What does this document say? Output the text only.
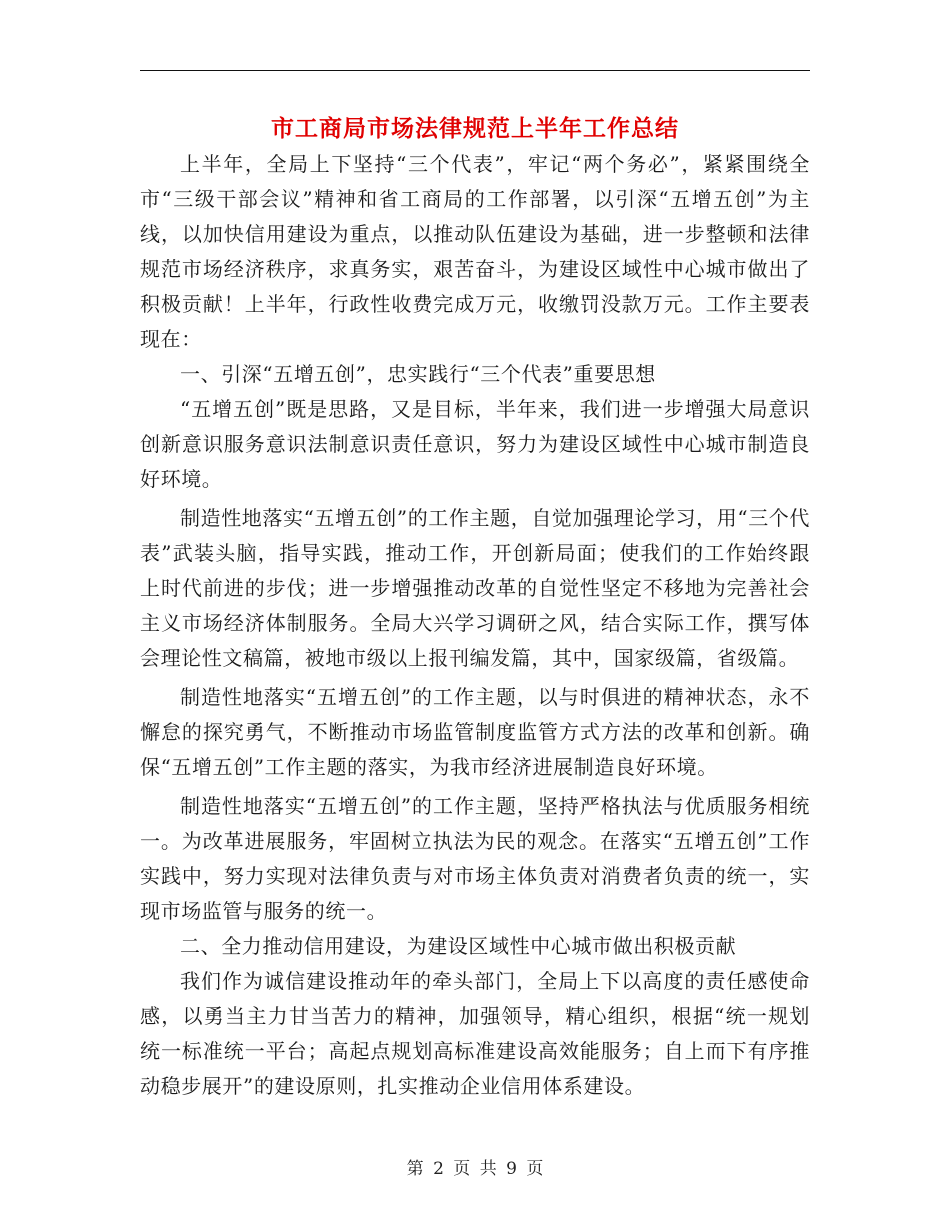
市工商局市场法律规范上半年工作总结

上半年，全局上下坚持“三个代表”，牢记“两个务必”，紧紧围绕全市“三级干部会议”精神和省工商局的工作部署，以引深“五增五创”为主线，以加快信用建设为重点，以推动队伍建设为基础，进一步整顿和法律规范市场经济秩序，求真务实，艰苦奋斗，为建设区域性中心城市做出了积极贡献！上半年，行政性收费完成万元，收缴罚没款万元。工作主要表现在：

一、引深“五增五创”，忠实践行“三个代表”重要思想

“五增五创”既是思路，又是目标，半年来，我们进一步增强大局意识创新意识服务意识法制意识责任意识，努力为建设区域性中心城市制造良好环境。

制造性地落实“五增五创”的工作主题，自觉加强理论学习，用“三个代表”武装头脑，指导实践，推动工作，开创新局面；使我们的工作始终跟上时代前进的步伐；进一步增强推动改革的自觉性坚定不移地为完善社会主义市场经济体制服务。全局大兴学习调研之风，结合实际工作，撰写体会理论性文稿篇，被地市级以上报刊编发篇，其中，国家级篇，省级篇。

制造性地落实“五增五创”的工作主题，以与时俱进的精神状态，永不懈怠的探究勇气，不断推动市场监管制度监管方式方法的改革和创新。确保“五增五创”工作主题的落实，为我市经济进展制造良好环境。

制造性地落实“五增五创”的工作主题，坚持严格执法与优质服务相统一。为改革进展服务，牢固树立执法为民的观念。在落实“五增五创”工作实践中，努力实现对法律负责与对市场主体负责对消费者负责的统一，实现市场监管与服务的统一。

二、全力推动信用建设，为建设区域性中心城市做出积极贡献

我们作为诚信建设推动年的牵头部门，全局上下以高度的责任感使命感，以勇当主力甘当苦力的精神，加强领导，精心组织，根据“统一规划统一标准统一平台；高起点规划高标准建设高效能服务；自上而下有序推动稳步展开”的建设原则，扎实推动企业信用体系建设。

第 2 页 共 9 页
